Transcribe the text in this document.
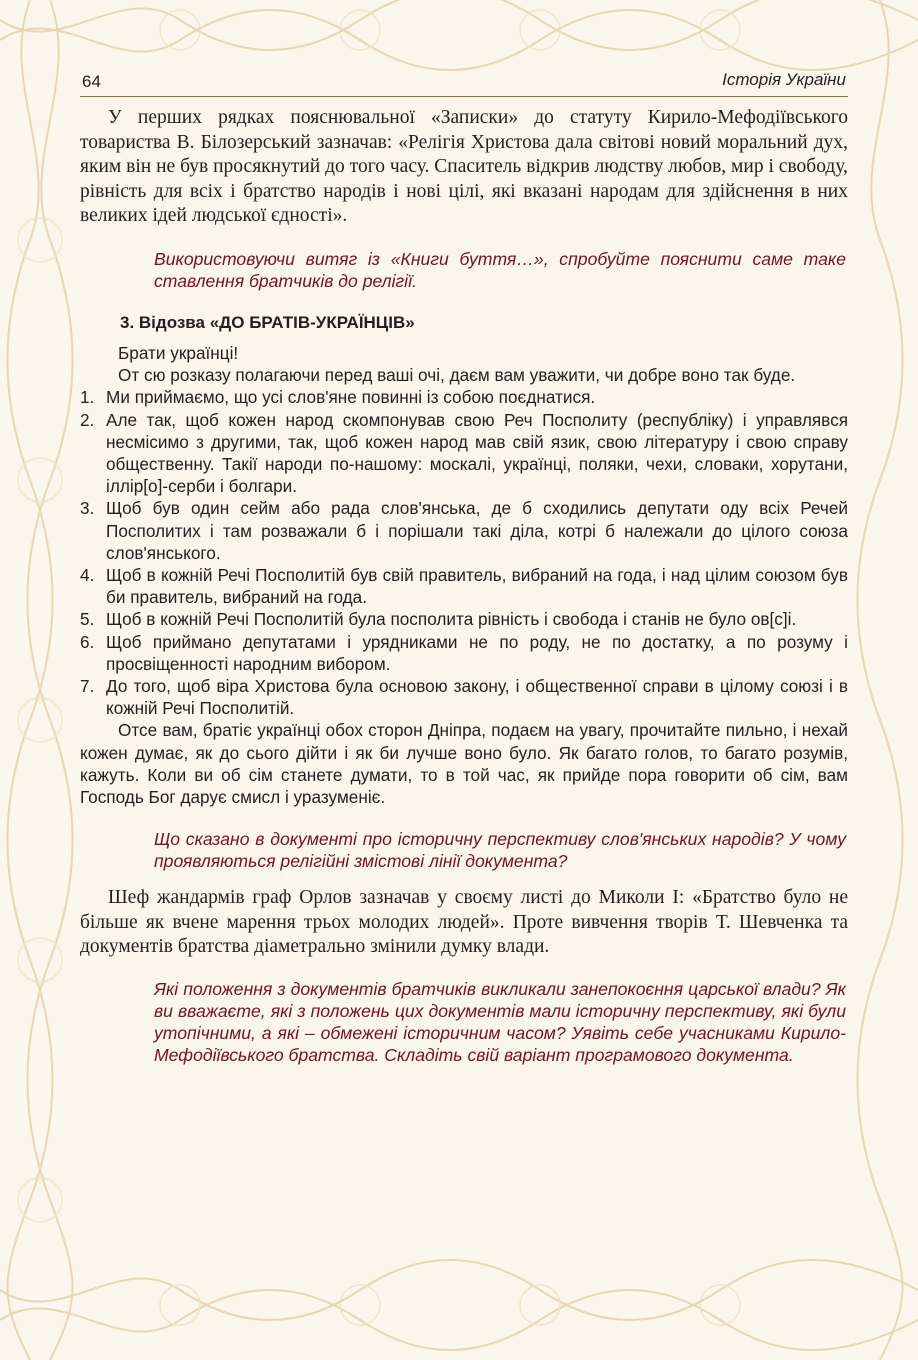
64	Історія України

У перших рядках пояснювальної «Записки» до статуту Кирило-Мефодіївського товариства В. Білозерський зазначав: «Релігія Христова дала світові новий моральний дух, яким він не був просякнутий до того часу. Спаситель відкрив людству любов, мир і свободу, рівність для всіх і братство народів і нові цілі, які вказані народам для здійснення в них великих ідей людської єдності».

Використовуючи витяг із «Книги буття…», спробуйте пояснити саме таке ставлення братчиків до релігії.

3. Відозва «ДО БРАТІВ-УКРАЇНЦІВ»

Брати українці!

От сю розказу полагаючи перед ваші очі, даєм вам уважити, чи добре воно так буде.

1. Ми приймаємо, що усі слов'яне повинні із собою поєднатися.
2. Але так, щоб кожен народ скомпонував свою Реч Посполиту (республіку) і управлявся несмісимо з другими, так, щоб кожен народ мав свій язик, свою літературу і свою справу общественну. Такії народи по-нашому: москалі, українці, поляки, чехи, словаки, хорутани, іллір[о]-серби і болгари.
3. Щоб був один сейм або рада слов'янська, де б сходились депутати оду всіх Речей Посполитих і там розважали б і порішали такі діла, котрі б належали до цілого союза слов'янського.
4. Щоб в кожній Речі Посполитій був свій правитель, вибраний на года, і над цілим союзом був би правитель, вибраний на года.
5. Щоб в кожній Речі Посполитій була посполита рівність і свобода і станів не було ов[с]і.
6. Щоб приймано депутатами і урядниками не по роду, не по достатку, а по розуму і просвіщенності народним вибором.
7. До того, щоб віра Христова була основою закону, і общественної справи в цілому союзі і в кожній Речі Посполитій.

Отсе вам, братіє українці обох сторон Дніпра, подаєм на увагу, прочитайте пильно, і нехай кожен думає, як до сього дійти і як би лучше воно було. Як багато голов, то багато розумів, кажуть. Коли ви об сім станете думати, то в той час, як прийде пора говорити об сім, вам Господь Бог дарує смисл і уразуменіє.

Що сказано в документі про історичну перспективу слов'янських народів? У чому проявляються релігійні змістові лінії документа?

Шеф жандармів граф Орлов зазначав у своєму листі до Миколи І: «Братство було не більше як вчене марення трьох молодих людей». Проте вивчення творів Т. Шевченка та документів братства діаметрально змінили думку влади.

Які положення з документів братчиків викликали занепокоєння царської влади? Як ви вважаєте, які з положень цих документів мали історичну перспективу, які були утопічними, а які – обмежені історичним часом? Уявіть себе учасниками Кирило-Мефодіївського братства. Складіть свій варіант програмового документа.
